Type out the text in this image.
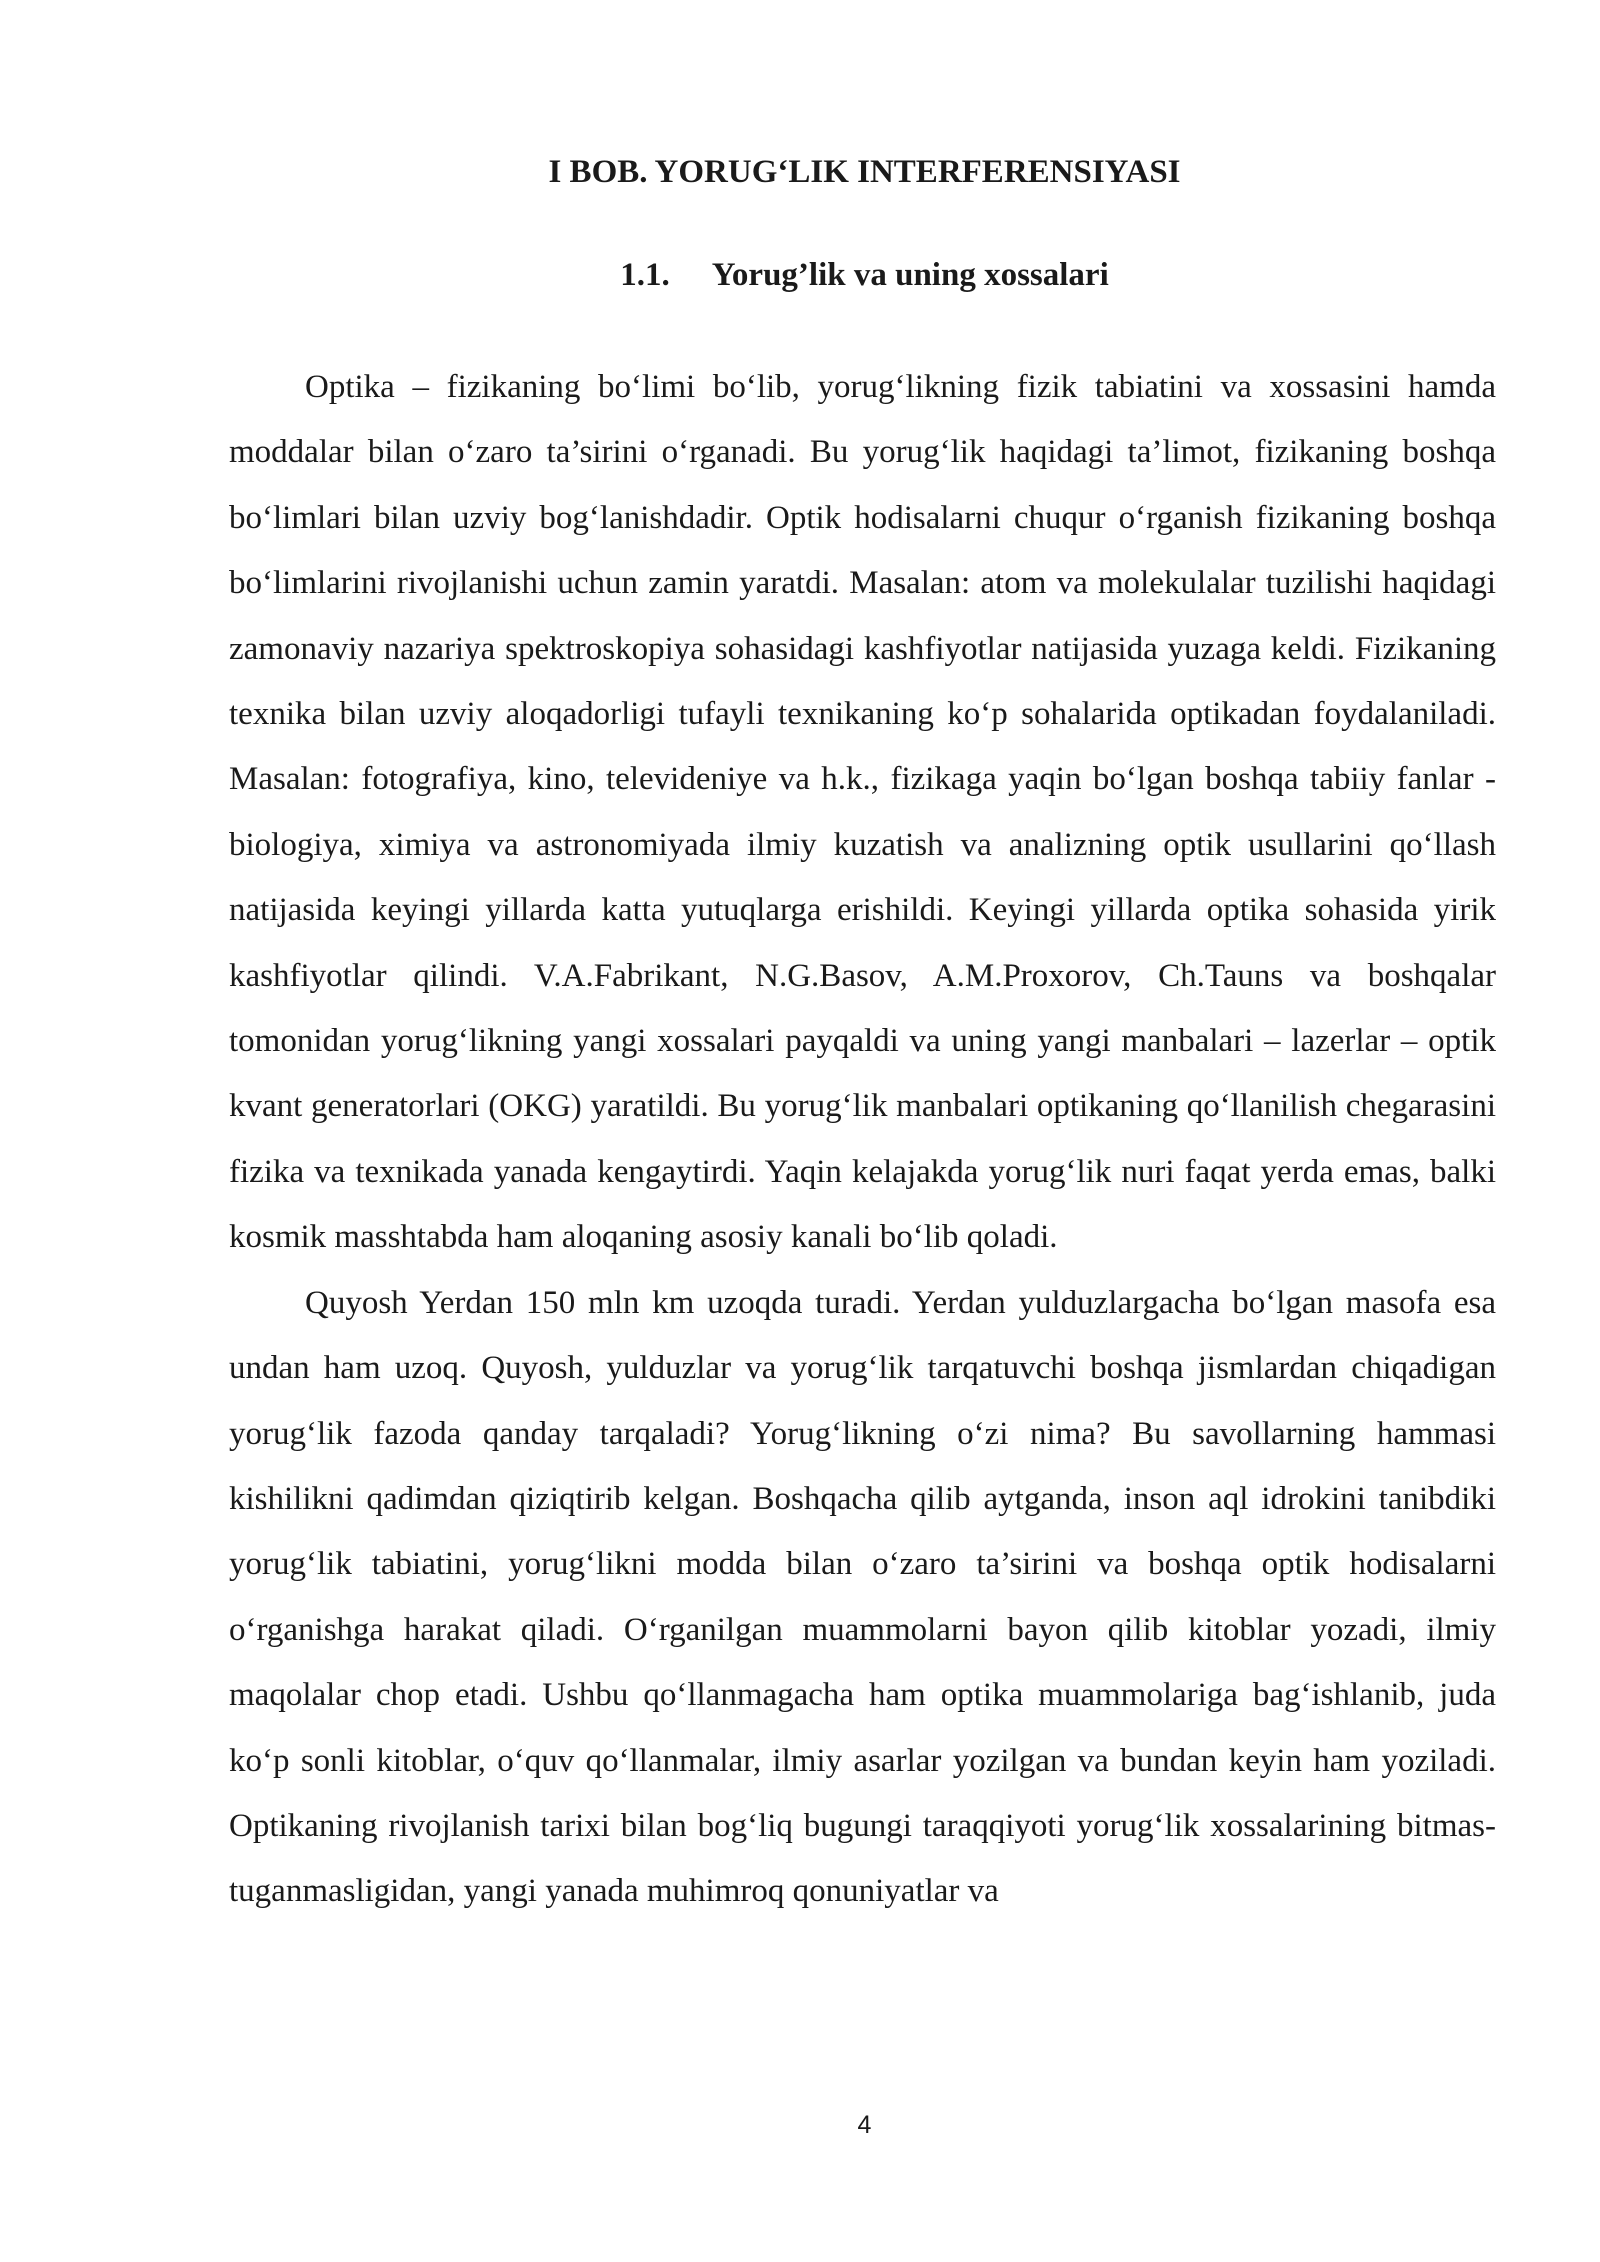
I BOB. YORUG‘LIK INTERFERENSIYASI
1.1. Yorug’lik va uning xossalari

Optika – fizikaning bo‘limi bo‘lib, yorug‘likning fizik tabiatini va xossasini hamda moddalar bilan o‘zaro ta’sirini o‘rganadi. Bu yorug‘lik haqidagi ta’limot, fizikaning boshqa bo‘limlari bilan uzviy bog‘lanishdadir. Optik hodisalarni chuqur o‘rganish fizikaning boshqa bo‘limlarini rivojlanishi uchun zamin yaratdi. Masalan: atom va molekulalar tuzilishi haqidagi zamonaviy nazariya spektroskopiya sohasidagi kashfiyotlar natijasida yuzaga keldi. Fizikaning texnika bilan uzviy aloqadorligi tufayli texnikaning ko‘p sohalarida optikadan foydalaniladi. Masalan: fotografiya, kino, televideniye va h.k., fizikaga yaqin bo‘lgan boshqa tabiiy fanlar - biologiya, ximiya va astronomiyada ilmiy kuzatish va analizning optik usullarini qo‘llash natijasida keyingi yillarda katta yutuqlarga erishildi. Keyingi yillarda optika sohasida yirik kashfiyotlar qilindi. V.A.Fabrikant, N.G.Basov, A.M.Proxorov, Ch.Tauns va boshqalar tomonidan yorug‘likning yangi xossalari payqaldi va uning yangi manbalari – lazerlar – optik kvant generatorlari (OKG) yaratildi. Bu yorug‘lik manbalari optikaning qo‘llanilish chegarasini fizika va texnikada yanada kengaytirdi. Yaqin kelajakda yorug‘lik nuri faqat yerda emas, balki kosmik masshtabda ham aloqaning asosiy kanali bo‘lib qoladi.

Quyosh Yerdan 150 mln km uzoqda turadi. Yerdan yulduzlargacha bo‘lgan masofa esa undan ham uzoq. Quyosh, yulduzlar va yorug‘lik tarqatuvchi boshqa jismlardan chiqadigan yorug‘lik fazoda qanday tarqaladi? Yorug‘likning o‘zi nima? Bu savollarning hammasi kishilikni qadimdan qiziqtirib kelgan. Boshqacha qilib aytganda, inson aql idrokini tanibdiki yorug‘lik tabiatini, yorug‘likni modda bilan o‘zaro ta’sirini va boshqa optik hodisalarni o‘rganishga harakat qiladi. O‘rganilgan muammolarni bayon qilib kitoblar yozadi, ilmiy maqolalar chop etadi. Ushbu qo‘llanmagacha ham optika muammolariga bag‘ishlanib, juda ko‘p sonli kitoblar, o‘quv qo‘llanmalar, ilmiy asarlar yozilgan va bundan keyin ham yoziladi. Optikaning rivojlanish tarixi bilan bog‘liq bugungi taraqqiyoti yorug‘lik xossalarining bitmas-tuganmasligidan, yangi yanada muhimroq qonuniyatlar va

4
